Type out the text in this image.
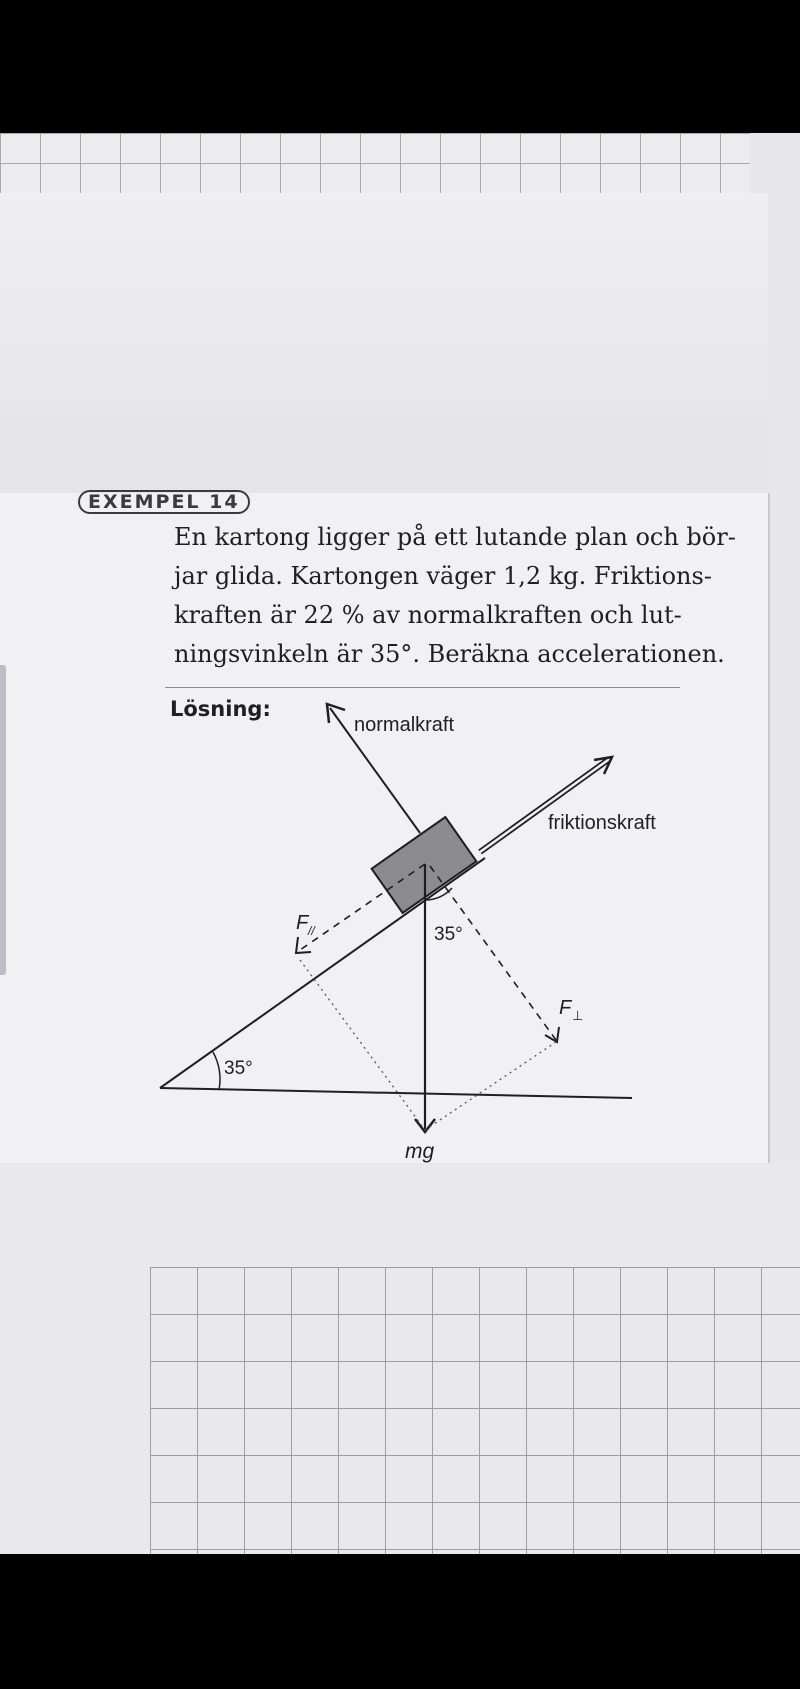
EXEMPEL 14
En kartong ligger på ett lutande plan och bör-
jar glida. Kartongen väger 1,2 kg. Friktions-
kraften är 22 % av normalkraften och lut-
ningsvinkeln är 35°. Beräkna accelerationen.
Lösning:
normalkraft
friktionskraft
F //
F ⊥
mg
35°
35°
